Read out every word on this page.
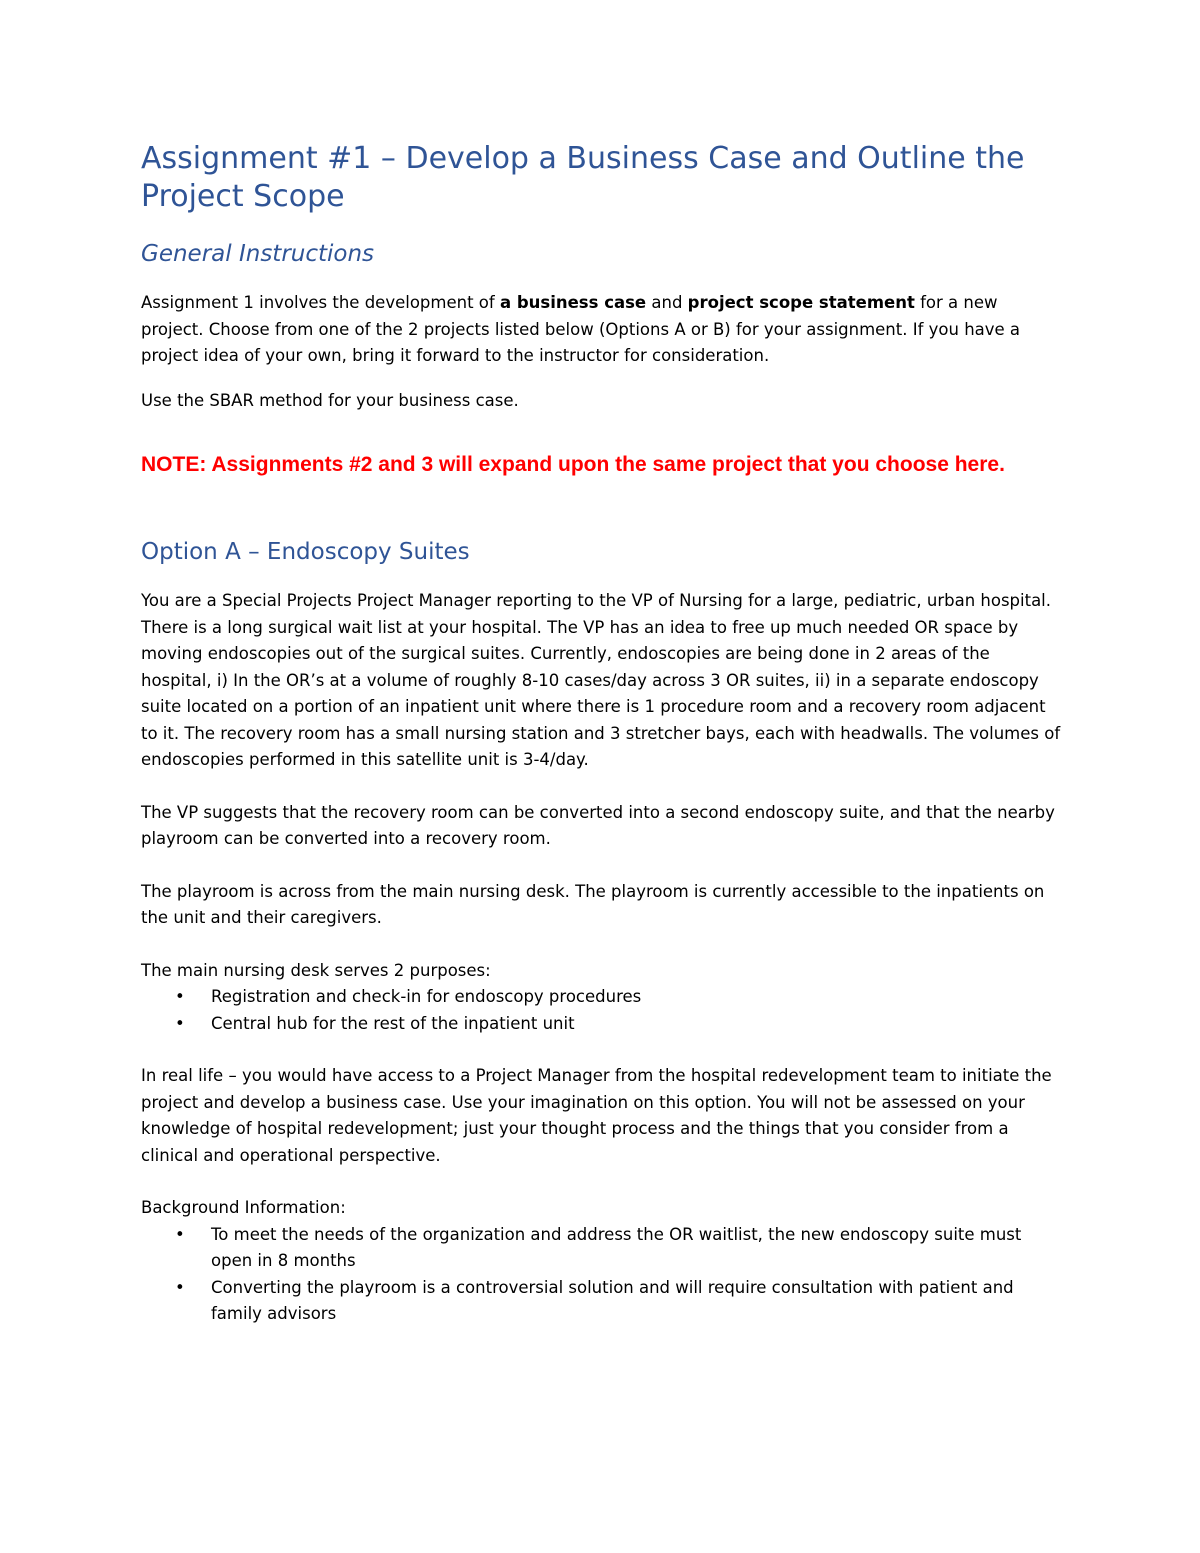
Assignment #1 – Develop a Business Case and Outline the Project Scope
General Instructions

Assignment 1 involves the development of a business case and project scope statement for a new project. Choose from one of the 2 projects listed below (Options A or B) for your assignment. If you have a project idea of your own, bring it forward to the instructor for consideration.

Use the SBAR method for your business case.

NOTE: Assignments #2 and 3 will expand upon the same project that you choose here.

Option A – Endoscopy Suites

You are a Special Projects Project Manager reporting to the VP of Nursing for a large, pediatric, urban hospital. There is a long surgical wait list at your hospital. The VP has an idea to free up much needed OR space by moving endoscopies out of the surgical suites. Currently, endoscopies are being done in 2 areas of the hospital, i) In the OR’s at a volume of roughly 8-10 cases/day across 3 OR suites, ii) in a separate endoscopy suite located on a portion of an inpatient unit where there is 1 procedure room and a recovery room adjacent to it. The recovery room has a small nursing station and 3 stretcher bays, each with headwalls. The volumes of endoscopies performed in this satellite unit is 3-4/day.

The VP suggests that the recovery room can be converted into a second endoscopy suite, and that the nearby playroom can be converted into a recovery room.

The playroom is across from the main nursing desk. The playroom is currently accessible to the inpatients on the unit and their caregivers.

The main nursing desk serves 2 purposes:

• Registration and check-in for endoscopy procedures
• Central hub for the rest of the inpatient unit

In real life – you would have access to a Project Manager from the hospital redevelopment team to initiate the project and develop a business case. Use your imagination on this option. You will not be assessed on your knowledge of hospital redevelopment; just your thought process and the things that you consider from a clinical and operational perspective.

Background Information:

• To meet the needs of the organization and address the OR waitlist, the new endoscopy suite must open in 8 months
• Converting the playroom is a controversial solution and will require consultation with patient and family advisors
